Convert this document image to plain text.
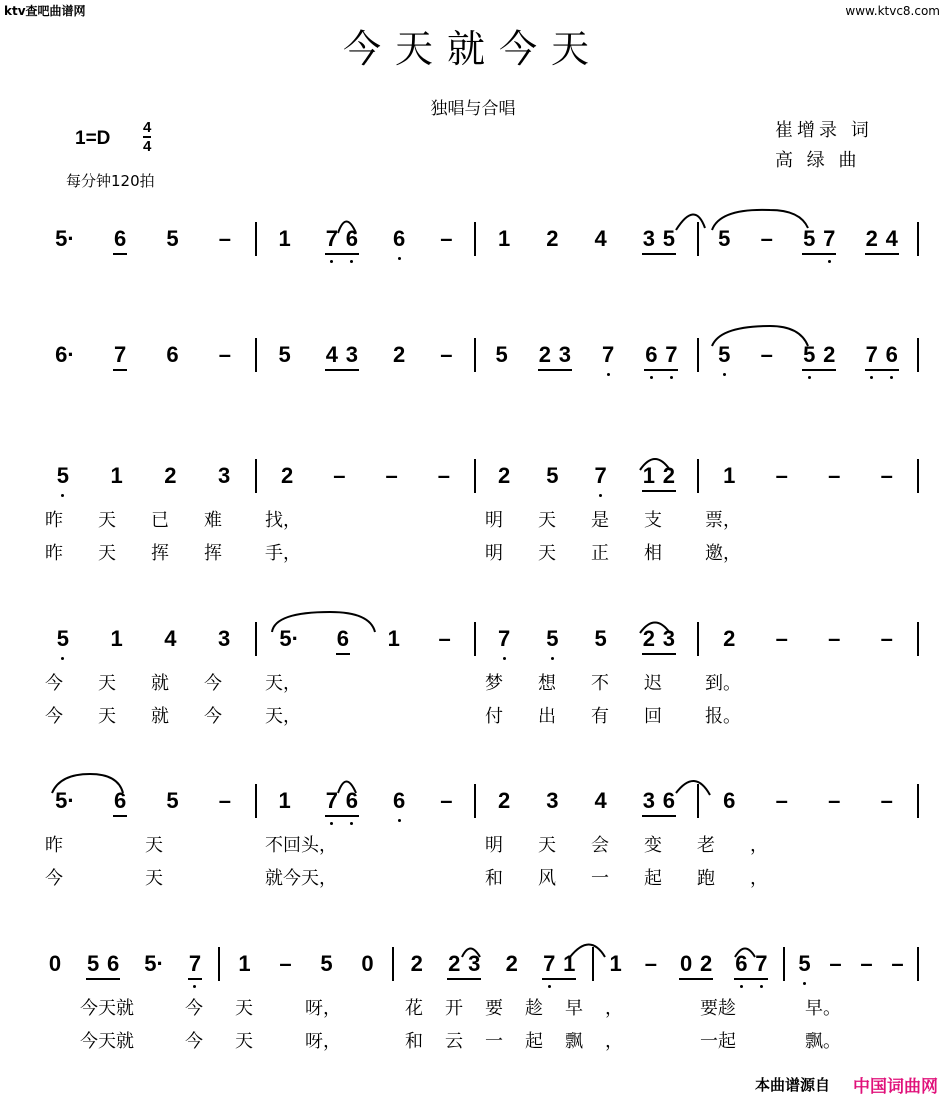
ktv查吧曲谱网	www.ktvc8.com
今天就今天
独唱与合唱
$1=D \frac{4}{4}$
每分钟120拍
崔增录 词
高 绿 曲
5· 6 5 – 1 7 6 6 – 1 2 4 3 5 5 – 5 7 2 4
6· 7 6 – 5 4 3 2 – 5 2 3 7 6 7 5 – 5 2 7 6
5 1 2 3 2 – – – 2 5 7 1 2 1 – – –
昨天已难 找，	明天是支 票，
昨天挥挥 手，	明天正相 邀，
5 1 4 3 5· 6 1 – 7 5 5 2 3 2 – – –
今天就今 天，	梦想不迟 到。
今天就今 天，	付出有回 报。
5· 6 5 – 1 7 6 6 – 2 3 4 3 6 6 – – –
昨	天	不回头，	明天会变老，
今	天	就今天，	和风一起跑，
0 5 6 5· 7 1 – 5 0 2 2 3 2 7 1 1 – 0 2 6 7 5 – – –
今天就	今 天	呀，	花开要趁早，	要趁	早。
今天就	今 天	呀，	和云一起飘，	一起	飘。
本曲谱源自 中国词曲网
